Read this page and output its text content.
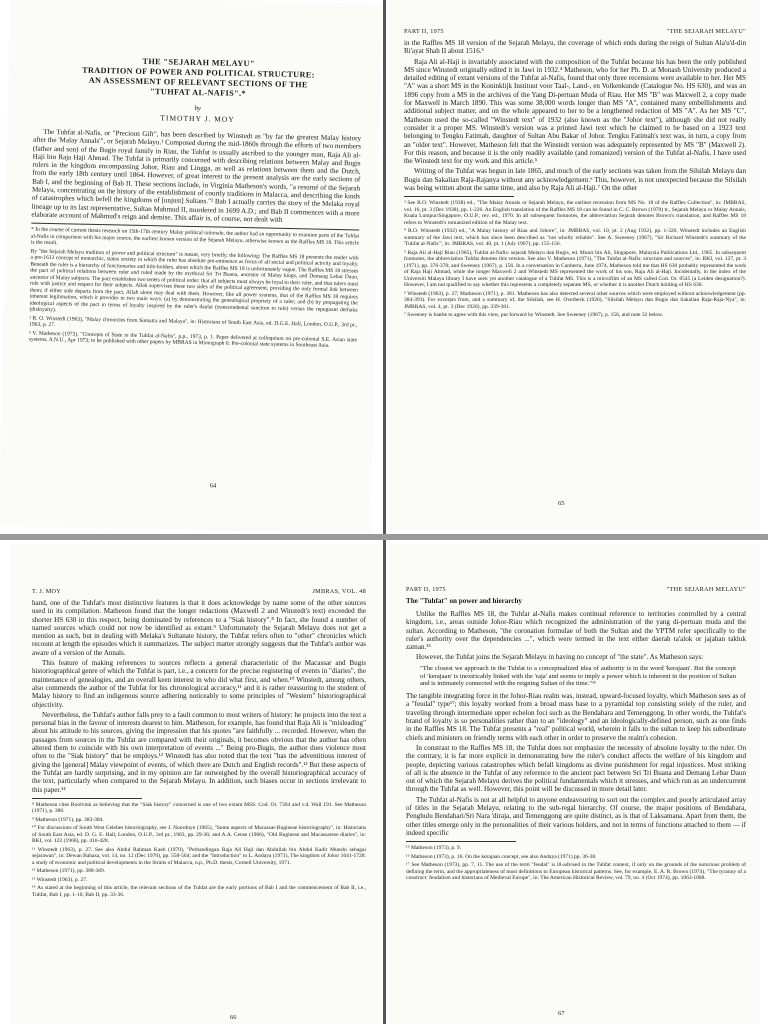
THE "SEJARAH MELAYU"
TRADITION OF POWER AND POLITICAL STRUCTURE:
AN ASSESSMENT OF RELEVANT SECTIONS OF THE
"TUHFAT AL-NAFIS".*
by
TIMOTHY J. MOY

The Tuhfat al-Nafis, or "Precious Gift", has been described by Winstedt as "by far the greatest Malay history after the 'Malay Annals'", or Sejarah Melayu.¹ Composed during the mid-1860s through the efforts of two members (father and son) of the Bugis royal family in Riau, the Tuhfat is usually ascribed to the younger man, Raja Ali al-Haji bin Raja Haji Ahmad. The Tuhfat is primarily concerned with describing relations between Malay and Bugis rulers in the kingdom encompassing Johor, Riau and Lingga, as well as relations between them and the Dutch, from the early 18th century until 1864. However, of great interest to the present analysis are the early sections of Bab I, and the beginning of Bab II. These sections include, in Virginia Matheson's words, "a resumé of the Sejarah Melayu, concentrating on the history of the establishment of courtly traditions in Malacca, and describing the kinds of catastrophes which befell the kingdoms of [unjust] Sultans."² Bab I actually carries the story of the Melaka royal lineage up to its last representative, Sultan Mahmud II, murdered in 1699 A.D.; and Bab II commences with a more elaborate account of Mahmud's reign and demise. This affair is, of course, not dealt with

* In the course of current thesis research on 15th-17th century Malay political rationale, the author had an opportunity to examine parts of the Tuhfat al-Nafis in comparison with his major source, the earliest known version of the Sejarah Melayu, otherwise known as the Raffles MS 18. This article is the result.

By "the Sejarah Melayu tradition of power and political structure" is meant, very briefly, the following: The Raffles MS 18 presents the reader with a pre-1612 concept of monarchic, status society in which the ruler has absolute pre-eminence as focus of all social and political activity and loyalty. Beneath the ruler is a hierarchy of functionaries and title-holders, about which the Raffles MS 18 is unfortunately vague. The Raffles MS 18 stresses the pact of political relations between ruler and ruled made by the mythical Sri Tri Buana, ancestor of Malay kings, and Demang Lebar Daun, ancestor of Malay subjects. The pact establishes two tenets of political order: that all subjects must always be loyal to their ruler, and that rulers must rule with justice and respect for their subjects. Allah supervises these two sides of the political agreement, providing the only formal link between them; if either side departs from the pact, Allah alone may deal with them. However, like all power systems, that of the Raffles MS 18 requires inherent legitimation, which it provides in two main ways: (a) by demonstrating the genealogical propriety of a ruler; and (b) by propagating the ideological aspects of the pact in terms of loyalty inspired by the ruler's daulat (transcendental sanction to rule) versus the repugnant derhaka (disloyalty).

¹ R. O. Winstedt (1963), "Malay chronicles from Sumatra and Malaya", in: Historians of South East Asia, ed. D.G.E. Hall, London, O.U.P., 3rd pr., 1963, p. 27.

² V. Matheson (1973), "Concepts of State in the Tuhfat al-Nafis", p.p., 1973, p. 1. Paper delivered at colloquium on pre-colonial S.E. Asian state systems, A.N.U., Apr 1973; to be published with other papers by MBRAS in Monograph 6: Pre-colonial state systems in Southeast Asia.

64
PART II, 1975	"THE SEJARAH MELAYU"

in the Raffles MS 18 version of the Sejarah Melayu, the coverage of which ends during the reign of Sultan Ala'u'd-din Ri'ayat Shah II about 1516.³

Raja Ali al-Haji is invariably associated with the composition of the Tuhfat because his has been the only published MS since Winstedt originally edited it in Jawi in 1932.⁴ Matheson, who for her Ph. D. at Monash University produced a detailed editing of extant versions of the Tuhfat al-Nafis, found that only three recensions were available to her. Her MS "A" was a short MS in the Koninklijk Instituut voor Taal-, Land-, en Volkenkunde (Catalogue No. HS 630), and was an 1896 copy from a MS in the archives of the Yang Di-pertuan Muda of Riau. Her MS "B" was Maxwell 2, a copy made for Maxwell in March 1890. This was some 38,000 words longer than MS "A", contained many embellishments and additional subject matter, and on the whole appeared to her to be a lengthened redaction of MS "A". As her MS "C", Matheson used the so-called "Winstedt text" of 1932 (also known as the "Johor text"), although she did not really consider it a proper MS. Winstedt's version was a printed Jawi text which he claimed to be based on a 1923 text belonging to Tengku Fatimah, daughter of Sultan Abu Bakar of Johor. Tengku Fatimah's text was, in turn, a copy from an "older text". However, Matheson felt that the Winstedt version was adequately represented by MS "B" (Maxwell 2). For this reason, and because it is the only readily available (and romanized) version of the Tuhfat al-Nafis, I have used the Winstedt text for my work and this article.⁵

Writing of the Tuhfat was begun in late 1865, and much of the early sections was taken from the Silsilah Melayu dan Bugis dan Sakalian Raja-Rajanya without any acknowledgement.⁶ This, however, is not unexpected because the Silsilah was being written about the same time, and also by Raja Ali al-Haji.⁷ On the other

³ See R.O. Winstedt (1938) ed., "The Malay Annals or Sejarah Melayu, the earliest recension from MS No. 18 of the Raffles Collection", in: JMBRAS, vol. 16, pt. 3 (Dec 1938), pp. 1-226. An English translation of the Raffles MS 18 can be found in C. C. Brown (1970) tr., Sejarah Melayu or Malay Annals, Kuala Lumpur/Singapore, O.U.P., rev. ed., 1970. In all subsequent footnotes, the abbreviation Sejarah denotes Brown's translation, and Raffles MS 18 refers to Winstedt's romanized edition of the Malay text.

⁴ R.O. Winstedt (1932) ed., "A Malay history of Riau and Johore", in: JMBRAS, vol. 10, pt. 2 (Aug 1932), pp. 1-320. Winstedt includes an English summary of the Jawi text, which has since been described as "not wholly reliable". See A. Sweeney (1967), "Sir Richard Winstedt's summary of the 'Tuhfat al-Nafis'", in: JMBRAS, vol. 40, pt. 1 (July 1967), pp. 155-156.

⁵ Raja Ali al-Haji Riau (1965), Tuhfat al-Nafis: sejarah Melayu dan Bugis, ed. Munir bin Ali, Singapore, Malaysia Publications Ltd., 1965. In subsequent footnotes, the abbreviation Tuhfat denotes this version. See also V. Matheson (1971), "The Tuhfat al-Nafis: structure and sources", in: BKI, vol. 127, pt. 3 (1971), pp. 376-378; and Sweeney (1967), p. 156. In a conversation in Canberra, June 1974, Matheson told me that HS 630 probably represented the work of Raja Haji Ahmad, while the longer Maxwell 2 and Winstedt MS represented the work of his son, Raja Ali al-Haji. Incidentally, in the index of the Universiti Malaya library I have seen yet another catalogue of a Tuhfat MS. This is a microfilm of an MS called Cod. Or. 8545 (a Leiden designation?). However, I am not qualified to say whether this represents a completely separate MS, or whether it is another Dutch holding of HS 630.

⁶ Winstedt (1963), p. 27; Matheson (1971), p. 381. Matheson has also detected several other sources which were employed without acknowledgement (pp. 384-393). For excerpts from, and a summary of, the Silsilah, see H. Overbeck (1926), "Silsilah Melayu dan Bugis dan Sakalian Raja-Raja-Nya", in: JMBRAS, vol. 4, pt. 3 (Dec 1926), pp. 339-381.

⁷ Sweeney is loathe to agree with this view, put forward by Winstedt. See Sweeney (1967), p. 156, and note 32 below.

65
T. J. MOY	JMBRAS, VOL. 48

hand, one of the Tuhfat's most distinctive features is that it does acknowledge by name some of the other sources used in its compilation. Matheson found that the longer redactions (Maxwell 2 and Winstedt's text) exceeded the shorter HS 630 in this respect, being dominated by references to a "Siak history".⁸ In fact, she found a number of named sources which could not now be identified as extant.⁹ Unfortunately the Sejarah Melayu does not get a mention as such, but in dealing with Melaka's Sultanate history, the Tuhfat refers often to "other" chronicles which recount at length the episodes which it summarizes. The subject matter strongly suggests that the Tuhfat's author was aware of a version of the Annals.

This feature of making references to sources reflects a general characteristic of the Macassar and Bugis historiographical genre of which the Tuhfat is part, i.e., a concern for the precise registering of events in "diaries", the maintenance of genealogies, and an overall keen interest in who did what first, and when.¹⁰ Winstedt, among others, also commends the author of the Tuhfat for his chronological accuracy,¹¹ and it is rather reassuring to the student of Malay history to find an indigenous source adhering noticeably to some principles of "Western" historiographical objectivity.

Nevertheless, the Tuhfat's author falls prey to a fault common to most writers of history: he projects into the text a personal bias in the favour of interests dearest to him. Matheson, for example, has found that Raja Ali is "misleading" about his attitude to his sources, giving the impression that his quotes "are faithfully ... recorded. However, when the passages from sources in the Tuhfat are compared with their originals, it becomes obvious that the author has often altered them to coincide with his own interpretation of events ..." Being pro-Bugis, the author does violence most often to the "Siak history" that he employs.¹² Winstedt has also noted that the text "has the adventitious interest of giving the [general] Malay viewpoint of events, of which there are Dutch and English records".¹³ But these aspects of the Tuhfat are hardly surprising, and in my opinion are far outweighed by the overall historiographical accuracy of the text, particularly when compared to the Sejarah Melayu. In addition, such biases occur in sections irrelevant to this paper.¹⁴

⁸ Matheson cites Roolvink as believing that the "Siak history" concerned is one of two extant MSS: Cod. Or. 7304 and v.d. Wall 191. See Matheson (1971), p. 380.

⁹ Matheson (1971), pp. 383-384.

¹⁰ For discussions of South West Celebes historiography, see J. Noorduyn (1965), "Some aspects of Macassar-Buginese historiography", in: Historians of South East Asia, ed. D. G. E. Hall, London, O.U.P., 3rd pr., 1963, pp. 29-36; and A.A. Cense (1966), "Old Buginese and Macassarese diaries", in: BKI, vol. 122 (1966), pp. 416-428.

¹¹ Winstedt (1963), p. 27. See also Abdul Rahman Kaeh (1970), "Perbandingan Raja Ali Haji dan Abdullah bin Abdul Kadir Munshi sebagai sejarawan", in: Dewan Bahasa, vol. 14, no. 12 (Dec 1970), pp. 558-564; and the "Introduction" to L. Andaya (1971), The kingdom of Johor 1641-1728: a study of economic and political developments in the Straits of Malacca, n.p., Ph.D. thesis, Cornell University, 1971.

¹² Matheson (1971), pp. 388-389.

¹³ Winstedt (1963), p. 27.

¹⁴ As stated at the beginning of this article, the relevant sections of the Tuhfat are the early portions of Bab I and the commencement of Bab II, i.e., Tuhfat, Bab I, pp. 1-16; Bab II, pp. 33-36.

66
PART II, 1975	"THE SEJARAH MELAYU"
The "Tuhfat" on power and hierarchy

Unlike the Raffles MS 18, the Tuhfat al-Nafis makes continual reference to territories controlled by a central kingdom, i.e., areas outside Johor-Riau which recognized the administration of the yang di-pertuan muda and the sultan. According to Matheson, "the coronation formulae of both the Sultan and the YPTM refer specifically to the ruler's authority over the dependencies ...", which were termed in the text either daerah ta'alok or jajahan takluk zaman.¹⁵

However, the Tuhfat joins the Sejarah Melayu in having no concept of "the state". As Matheson says:

"The closest we approach in the Tuhfat to a conceptualized idea of authority is in the word 'kerajaan'. But the concept of 'kerajaan' is inextricably linked with the 'raja' and seems to imply a power which is inherent in the position of Sultan and is intimately connected with the reigning Sultan of the time."¹⁶

The tangible integrating force in the Johor-Riau realm was, instead, upward-focused loyalty, which Matheson sees as of a "feudal" type¹⁷; this loyalty worked from a broad mass base to a pyramidal top consisting solely of the ruler, and traveling through intermediate upper echelon foci such as the Bendahara and Temenggong. In other words, the Tuhfat's brand of loyalty is so personalities rather than to an "ideology" and an ideologically-defined person, such as one finds in the Raffles MS 18. The Tuhfat presents a "real" political world, wherein it falls to the sultan to keep his subordinate chiefs and ministers on friendly terms with each other in order to preserve the realm's cohesion.

In constrast to the Raffles MS 18, the Tuhfat does not emphasize the necessity of absolute loyalty to the ruler. On the contrary, it is far more explicit in demonstrating how the ruler's conduct affects the welfare of his kingdom and people, depicting various catastrophes which befall kingdoms as divine punishment for regal injustices. Most striking of all is the absence in the Tuhfat of any reference to the ancient pact between Sri Tri Buana and Demang Lebar Daun out of which the Sejarah Melayu derives the political fundamentals which it stresses, and which run as an undercurrent through the Tuhfat as well. However, this point will be discussed in more detail later.

The Tuhfat al-Nafis is not at all helpful to anyone endeavouring to sort out the complex and poorly articulated array of titles in the Sejarah Melayu, relating to the sub-regal hierarchy. Of course, the major positions of Bendahara, Penghulu Bendahari/Sri Nara 'diraja, and Temenggong are quite distinct, as is that of Laksamana. Apart from them, the other titles emerge only in the personalities of their various holders, and not in terms of functions attached to them — if indeed specific

¹⁵ Matheson (1973), p. 9.

¹⁶ Matheson (1973), p. 16. On the kerajaan concept, see also Andaya (1971) pp. 36-38.

¹⁷ See Matheson (1973), pp. 7, 11. The use of the term "feudal" is ill-advised in the Tuhfat context, if only on the grounds of the notorious problem of defining the term, and the appropriateness of most definitions to European historical patterns. See, for example, E. A. R. Brown (1974), "The tyranny of a construct: feudalism and historians of Medieval Europe", in: The American Historical Review, vol. 79, no. 4 (Oct 1974), pp. 1063-1088.

67
